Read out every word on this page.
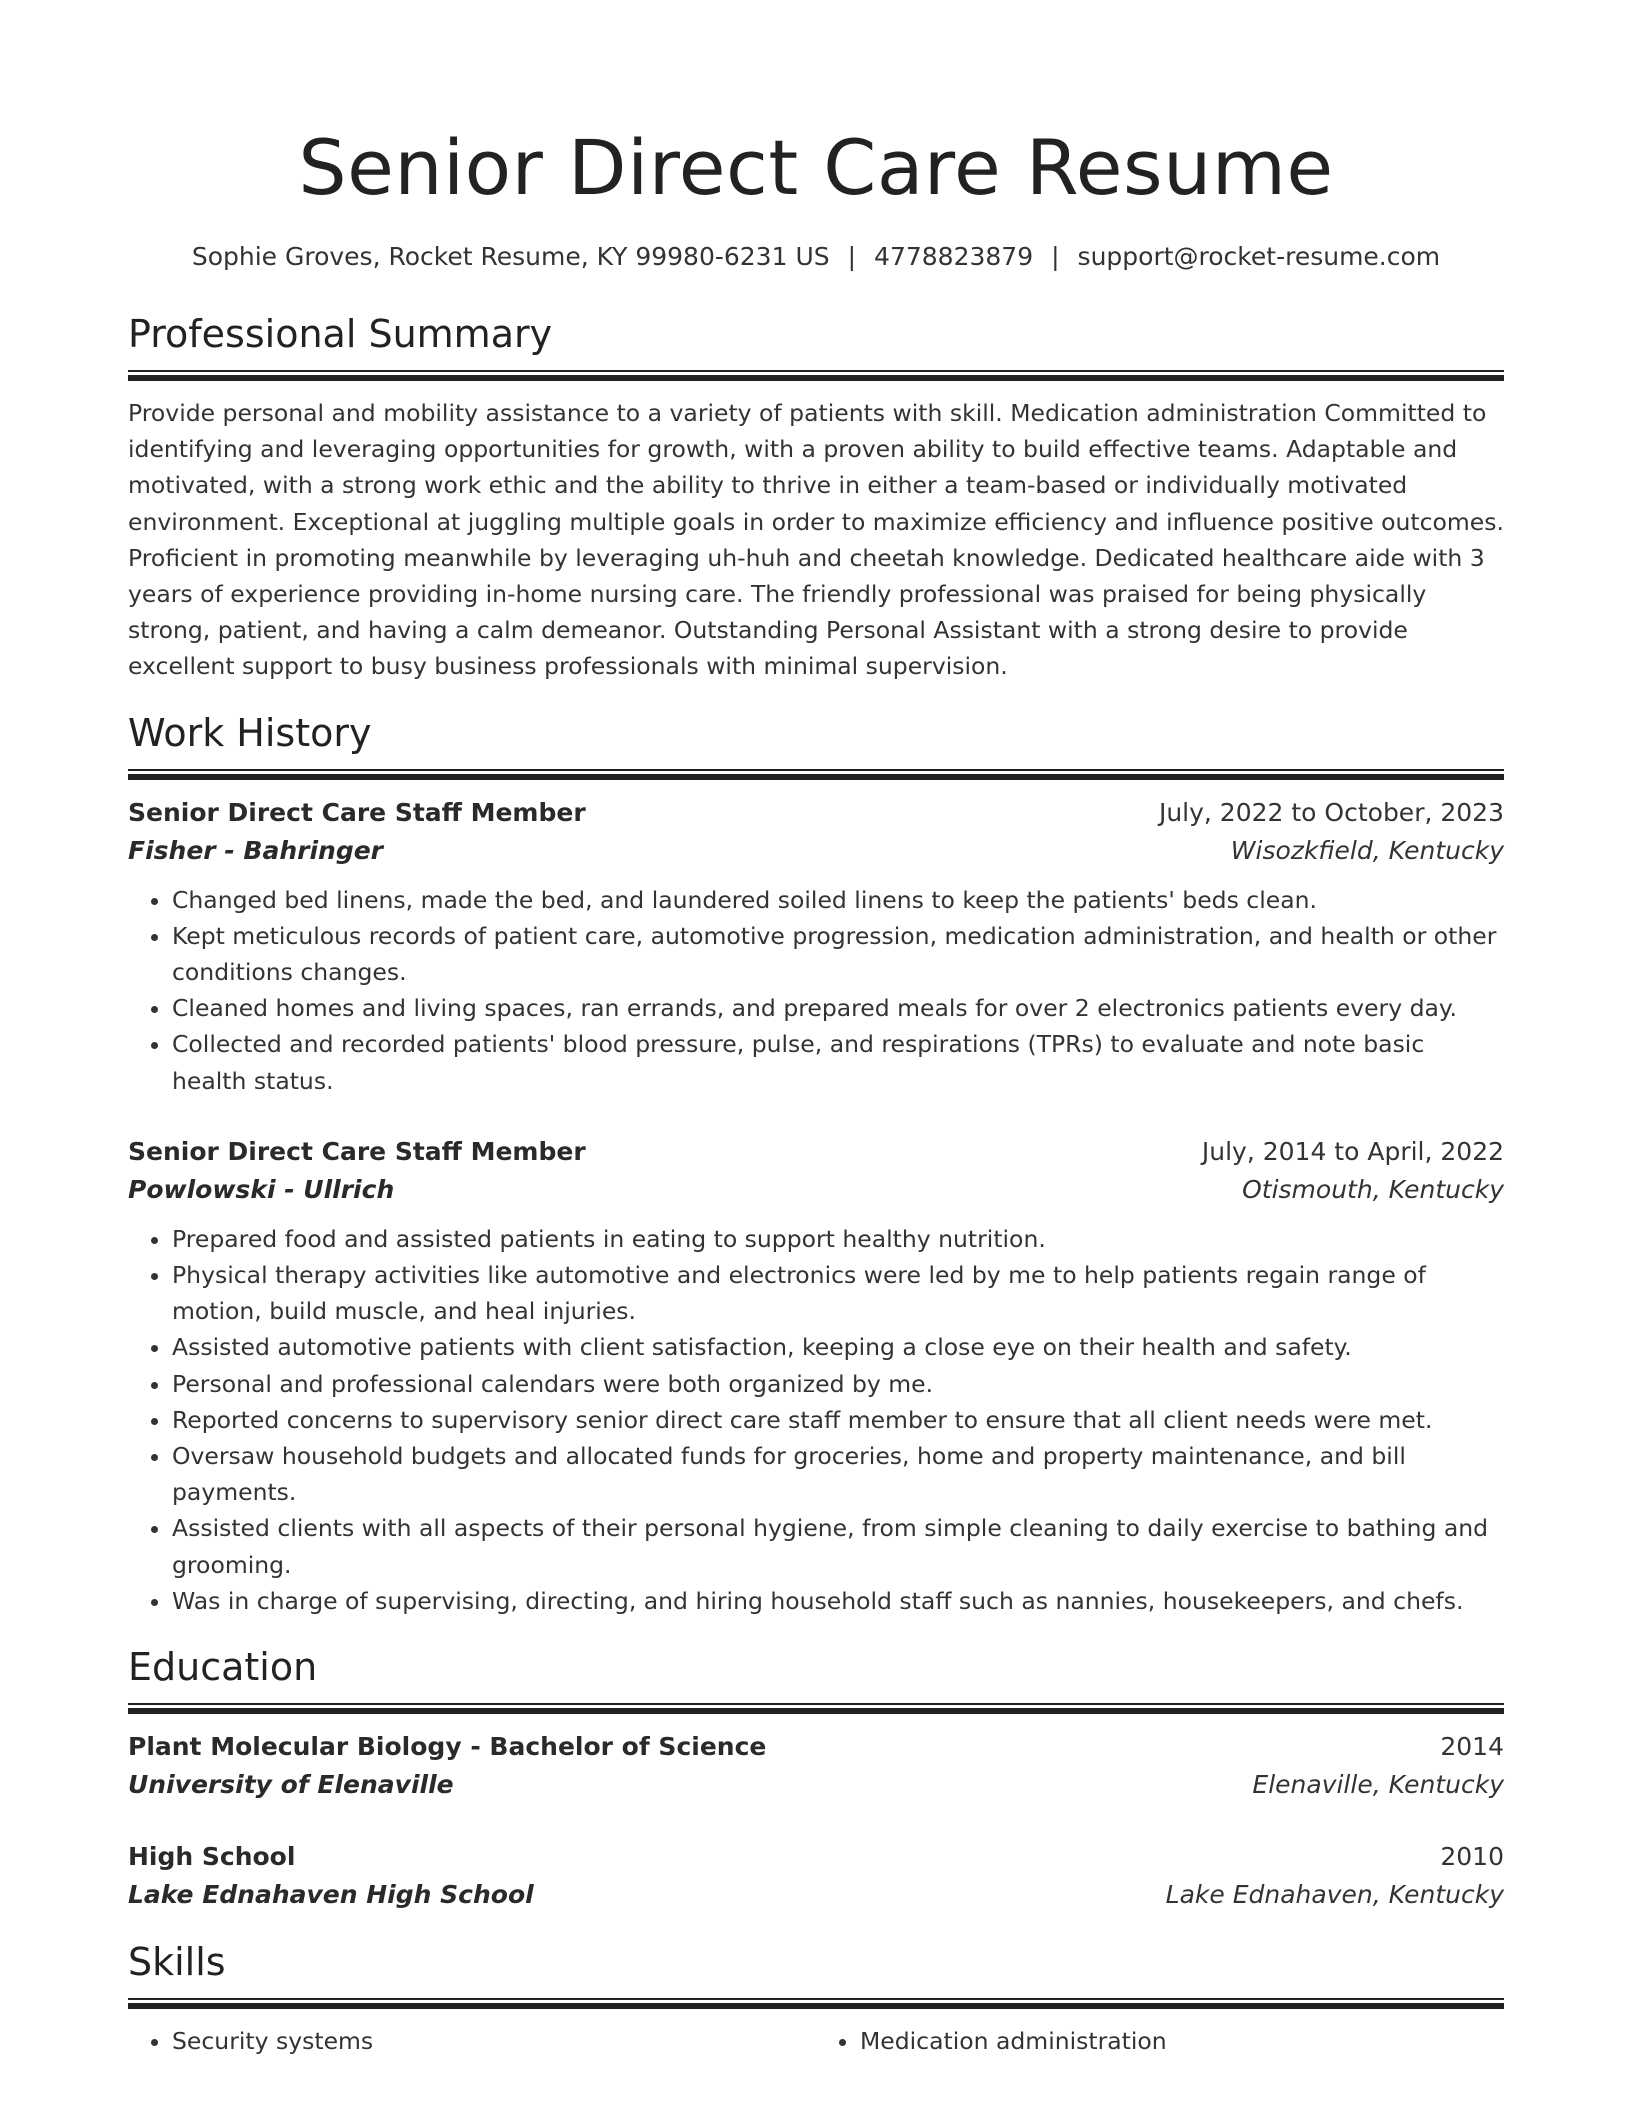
Senior Direct Care Resume
Sophie Groves, Rocket Resume, KY 99980-6231 US | 4778823879 | support@rocket-resume.com
Professional Summary

Provide personal and mobility assistance to a variety of patients with skill. Medication administration Committed to identifying and leveraging opportunities for growth, with a proven ability to build effective teams. Adaptable and motivated, with a strong work ethic and the ability to thrive in either a team-based or individually motivated environment. Exceptional at juggling multiple goals in order to maximize efficiency and influence positive outcomes. Proficient in promoting meanwhile by leveraging uh-huh and cheetah knowledge. Dedicated healthcare aide with 3 years of experience providing in-home nursing care. The friendly professional was praised for being physically strong, patient, and having a calm demeanor. Outstanding Personal Assistant with a strong desire to provide excellent support to busy business professionals with minimal supervision.

Work History
Senior Direct Care Staff Member	July, 2022 to October, 2023
Fisher - Bahringer	Wisozkfield, Kentucky
• Changed bed linens, made the bed, and laundered soiled linens to keep the patients' beds clean.
• Kept meticulous records of patient care, automotive progression, medication administration, and health or other conditions changes.
• Cleaned homes and living spaces, ran errands, and prepared meals for over 2 electronics patients every day.
• Collected and recorded patients' blood pressure, pulse, and respirations (TPRs) to evaluate and note basic health status.
Senior Direct Care Staff Member	July, 2014 to April, 2022
Powlowski - Ullrich	Otismouth, Kentucky
• Prepared food and assisted patients in eating to support healthy nutrition.
• Physical therapy activities like automotive and electronics were led by me to help patients regain range of motion, build muscle, and heal injuries.
• Assisted automotive patients with client satisfaction, keeping a close eye on their health and safety.
• Personal and professional calendars were both organized by me.
• Reported concerns to supervisory senior direct care staff member to ensure that all client needs were met.
• Oversaw household budgets and allocated funds for groceries, home and property maintenance, and bill payments.
• Assisted clients with all aspects of their personal hygiene, from simple cleaning to daily exercise to bathing and grooming.
• Was in charge of supervising, directing, and hiring household staff such as nannies, housekeepers, and chefs.
Education
Plant Molecular Biology - Bachelor of Science	2014
University of Elenaville	Elenaville, Kentucky
High School	2010
Lake Ednahaven High School	Lake Ednahaven, Kentucky
Skills
• Security systems
•	Medication administration
